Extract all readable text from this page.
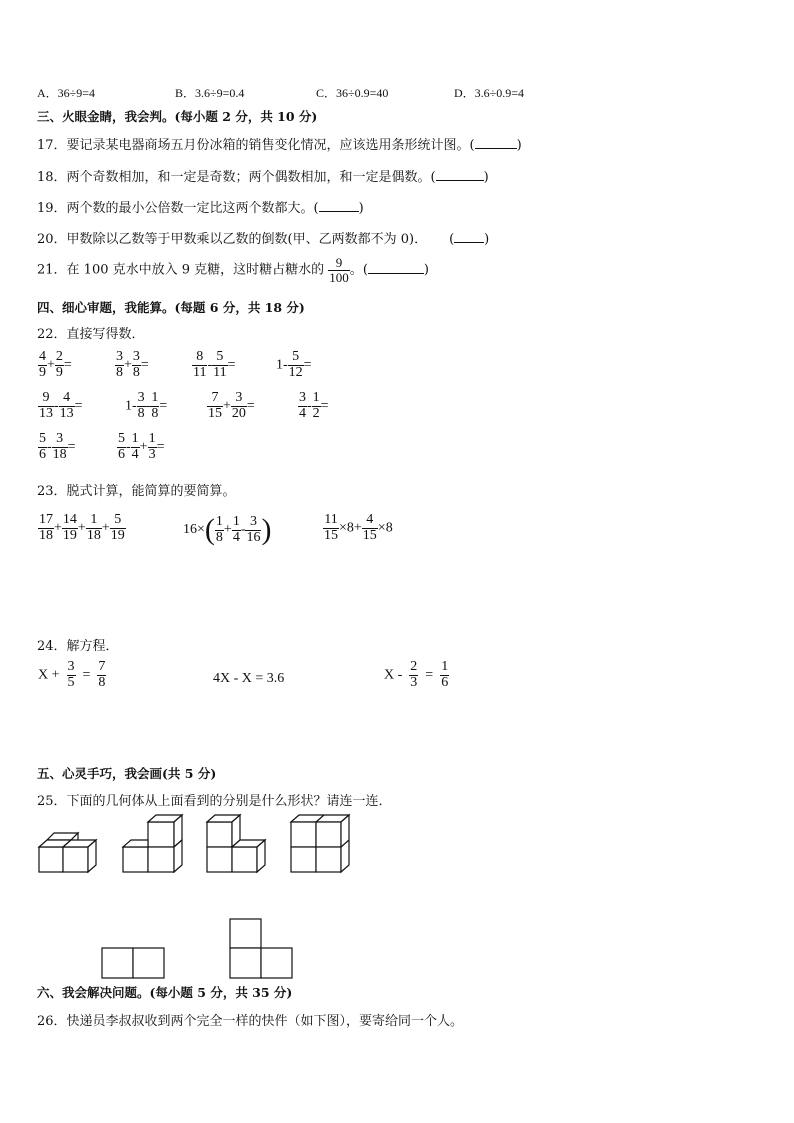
A．36÷9=4	B．3.6÷9=0.4	C．36÷0.9=40	D．3.6÷0.9=4
三、火眼金睛，我会判。(每小题 2 分，共 10 分)
17．要记录某电器商场五月份冰箱的销售变化情况，应该选用条形统计图。(	)
18．两个奇数相加，和一定是奇数；两个偶数相加，和一定是偶数。(	)
19．两个数的最小公倍数一定比这两个数都大。(	)
20．甲数除以乙数等于甲数乘以乙数的倒数(甲、乙两数都不为 0)． ( )
21．在 100 克水中放入 9 克糖，这时糖占糖水的 $\frac{9}{100}$ 。(	)
四、细心审题，我能算。(每题 6 分，共 18 分)
22．直接写得数．
$\frac{4}{9} + \frac{2}{9}$ =	$\frac{3}{8} + \frac{3}{8}$ =	$\frac{8}{11} - \frac{5}{11}$ =	$1- \frac{5}{12}$ =
$\frac{9}{13} - \frac{4}{13}$ =	$1- \frac{3}{8} - \frac{1}{8}$ =	$\frac{7}{15} + \frac{3}{20}$ =	$\frac{3}{4} - \frac{1}{2}$ =
$\frac{5}{6} - \frac{3}{18}$ =	$\frac{5}{6} - \frac{1}{4} + \frac{1}{3}$ =
23．脱式计算，能简算的要简算。
$\frac{17}{18} + \frac{14}{19} + \frac{1}{18} + \frac{5}{19}$	$16\times( \frac{1}{8} + \frac{1}{4} - \frac{3}{16}$ )	$\frac{11}{15} \times 8+ \frac{4}{15} \times 8$
24．解方程．
$X + \frac{3}{5} = \frac{7}{8}$	4X - X = 3.6	$X - \frac{2}{3} = \frac{1}{6}$
五、心灵手巧，我会画(共 5 分)
25．下面的几何体从上面看到的分别是什么形状？请连一连．
六、我会解决问题。(每小题 5 分，共 35 分)
26．快递员李叔叔收到两个完全一样的快件（如下图），要寄给同一个人。
